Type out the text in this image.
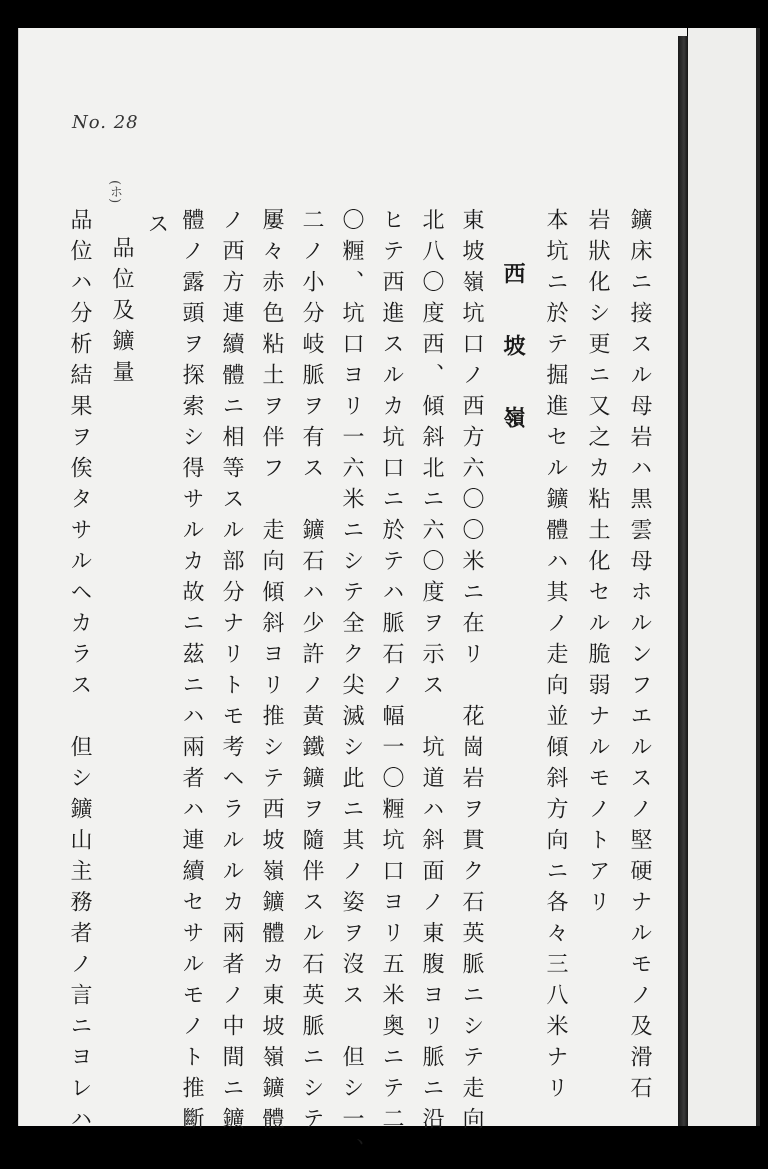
No. 28
鑛床ニ接スル母岩ハ黒雲母ホルンフエルスノ堅硬ナルモノ及滑石
岩狀化シ更ニ又之カ粘土化セル脆弱ナルモノトアリ
本坑ニ於テ掘進セル鑛體ハ其ノ走向並傾斜方向ニ各々三八米ナリ
西　坡　嶺
東坡嶺坑口ノ西方六〇〇米ニ在リ　花崗岩ヲ貫ク石英脈ニシテ走向
北八〇度西、傾斜北ニ六〇度ヲ示ス　坑道ハ斜面ノ東腹ヨリ脈ニ沿
ヒテ西進スルカ坑口ニ於テハ脈石ノ幅一〇糎坑口ヨリ五米奥ニテ二
〇糎、坑口ヨリ一六米ニシテ全ク尖滅シ此ニ其ノ姿ヲ沒ス　但シ一、
二ノ小分岐脈ヲ有ス　鑛石ハ少許ノ黃鐵鑛ヲ隨伴スル石英脈ニシテ
屢々赤色粘土ヲ伴フ　走向傾斜ヨリ推シテ西坡嶺鑛體カ東坡嶺鑛體
ノ西方連續體ニ相等スル部分ナリトモ考ヘラルルカ兩者ノ中間ニ鑛
體ノ露頭ヲ探索シ得サルカ故ニ茲ニハ兩者ハ連續セサルモノト推斷
ス
(ホ)
品位及鑛量
品位ハ分析結果ヲ俟タサルヘカラス　但シ鑛山主務者ノ言ニヨレハ
